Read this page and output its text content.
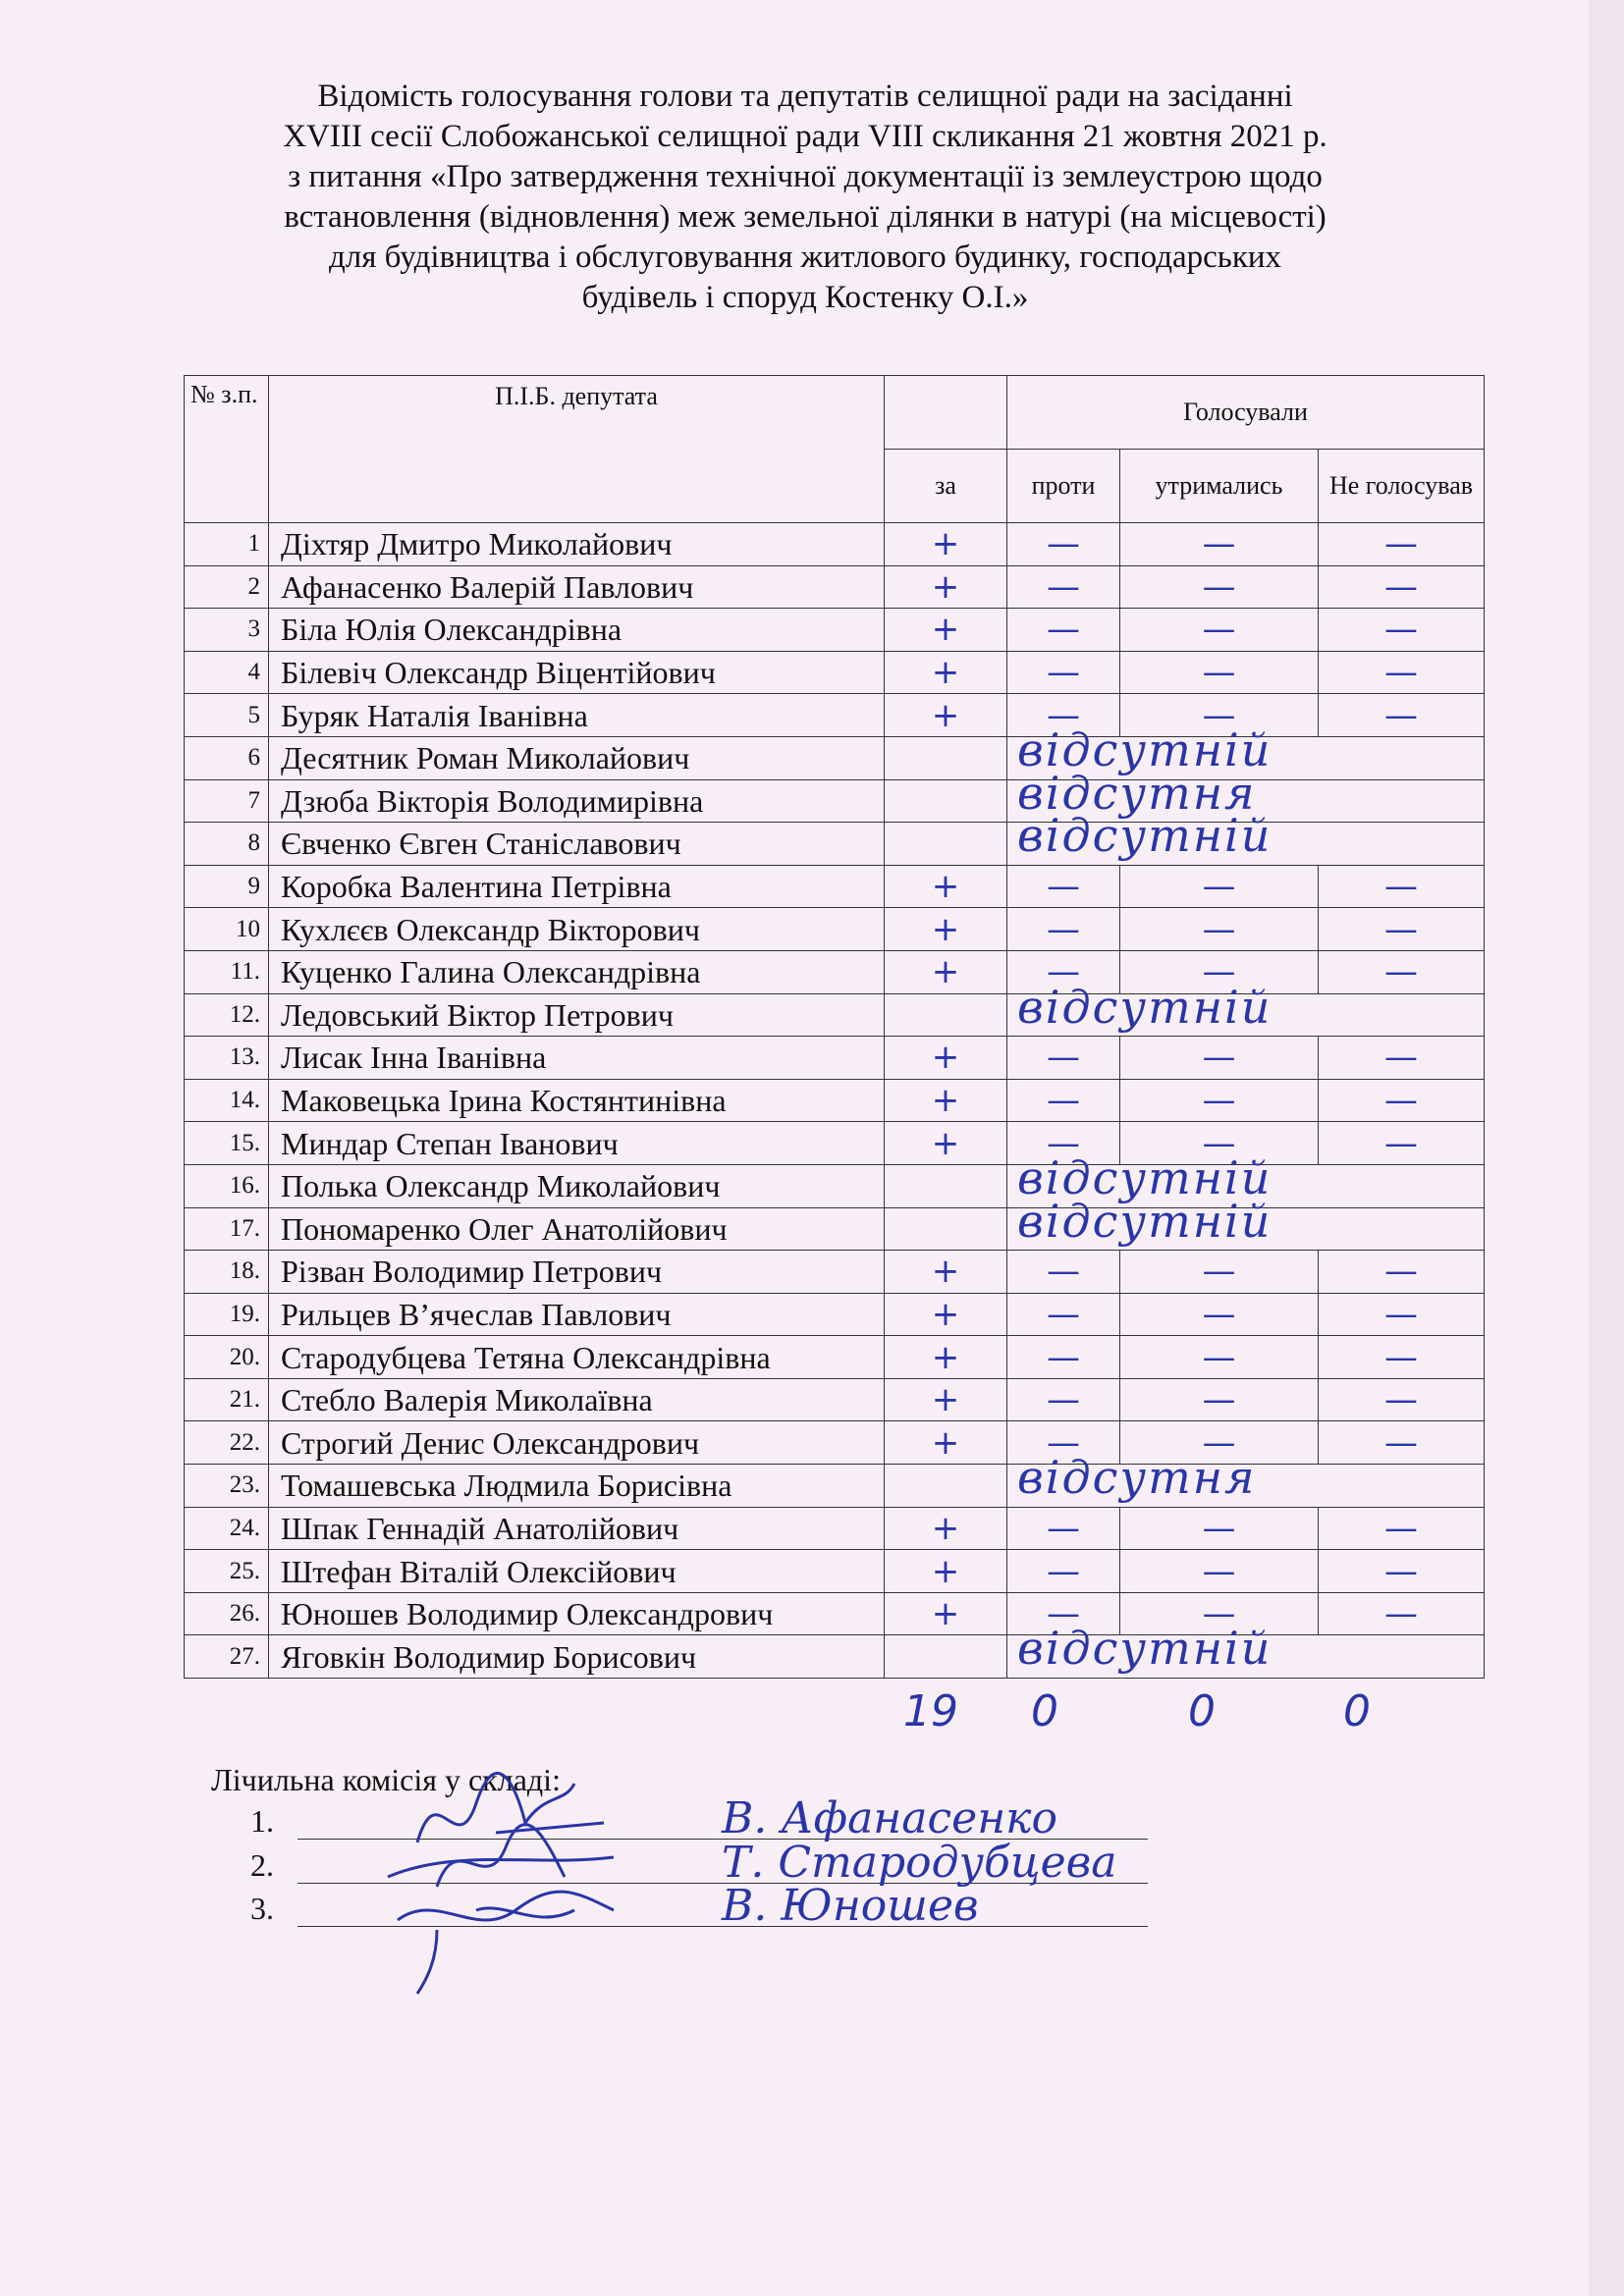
Відомість голосування голови та депутатів селищної ради на засіданні
XVIII сесії Слобожанської селищної ради VIII скликання 21 жовтня 2021 р.
з питання «Про затвердження технічної документації із землеустрою щодо
встановлення (відновлення) меж земельної ділянки в натурі (на місцевості)
для будівництва і обслуговування житлового будинку, господарських
будівель і споруд Костенку О.І.»
№ з.п.	П.І.Б. депутата		Голосували			
		за	проти	утримались	Не голосував	
1	Діхтяр Дмитро Миколайович	+	—	—	—	
2	Афанасенко Валерій Павлович	+	—	—	—	
3	Біла Юлія Олександрівна	+	—	—	—	
4	Білевіч Олександр Віцентійович	+	—	—	—	
5	Буряк Наталія Іванівна	+	—	—	—	
6	Десятник Роман Миколайович		відсутній			

7	Дзюба Вікторія Володимирівна		відсутня			

8	Євченко Євген Станіславович		відсутній			

9	Коробка Валентина Петрівна	+	—	—	—	
10	Кухлєєв Олександр Вікторович	+	—	—	—	
11.	Куценко Галина Олександрівна	+	—	—	—	
12.	Ледовський Віктор Петрович		відсутній			

13.	Лисак Інна Іванівна	+	—	—	—	
14.	Маковецька Ірина Костянтинівна	+	—	—	—	
15.	Миндар Степан Іванович	+	—	—	—	
16.	Полька Олександр Миколайович		відсутній			

17.	Пономаренко Олег Анатолійович		відсутній			

18.	Різван Володимир Петрович	+	—	—	—	
19.	Рильцев В’ячеслав Павлович	+	—	—	—	
20.	Стародубцева Тетяна Олександрівна	+	—	—	—	
21.	Стебло Валерія Миколаївна	+	—	—	—	
22.	Строгий Денис Олександрович	+	—	—	—	
23.	Томашевська Людмила Борисівна		відсутня			

24.	Шпак Геннадій Анатолійович	+	—	—	—	
25.	Штефан Віталій Олексійович	+	—	—	—	
26.	Юношев Володимир Олександрович	+	—	—	—	
27.	Яговкін Володимир Борисович		відсутній			

19 0	0	0
Лічильна комісія у складі:
1.	В. Афанасенко
2.	Т. Стародубцева
3.	В. Юношев
